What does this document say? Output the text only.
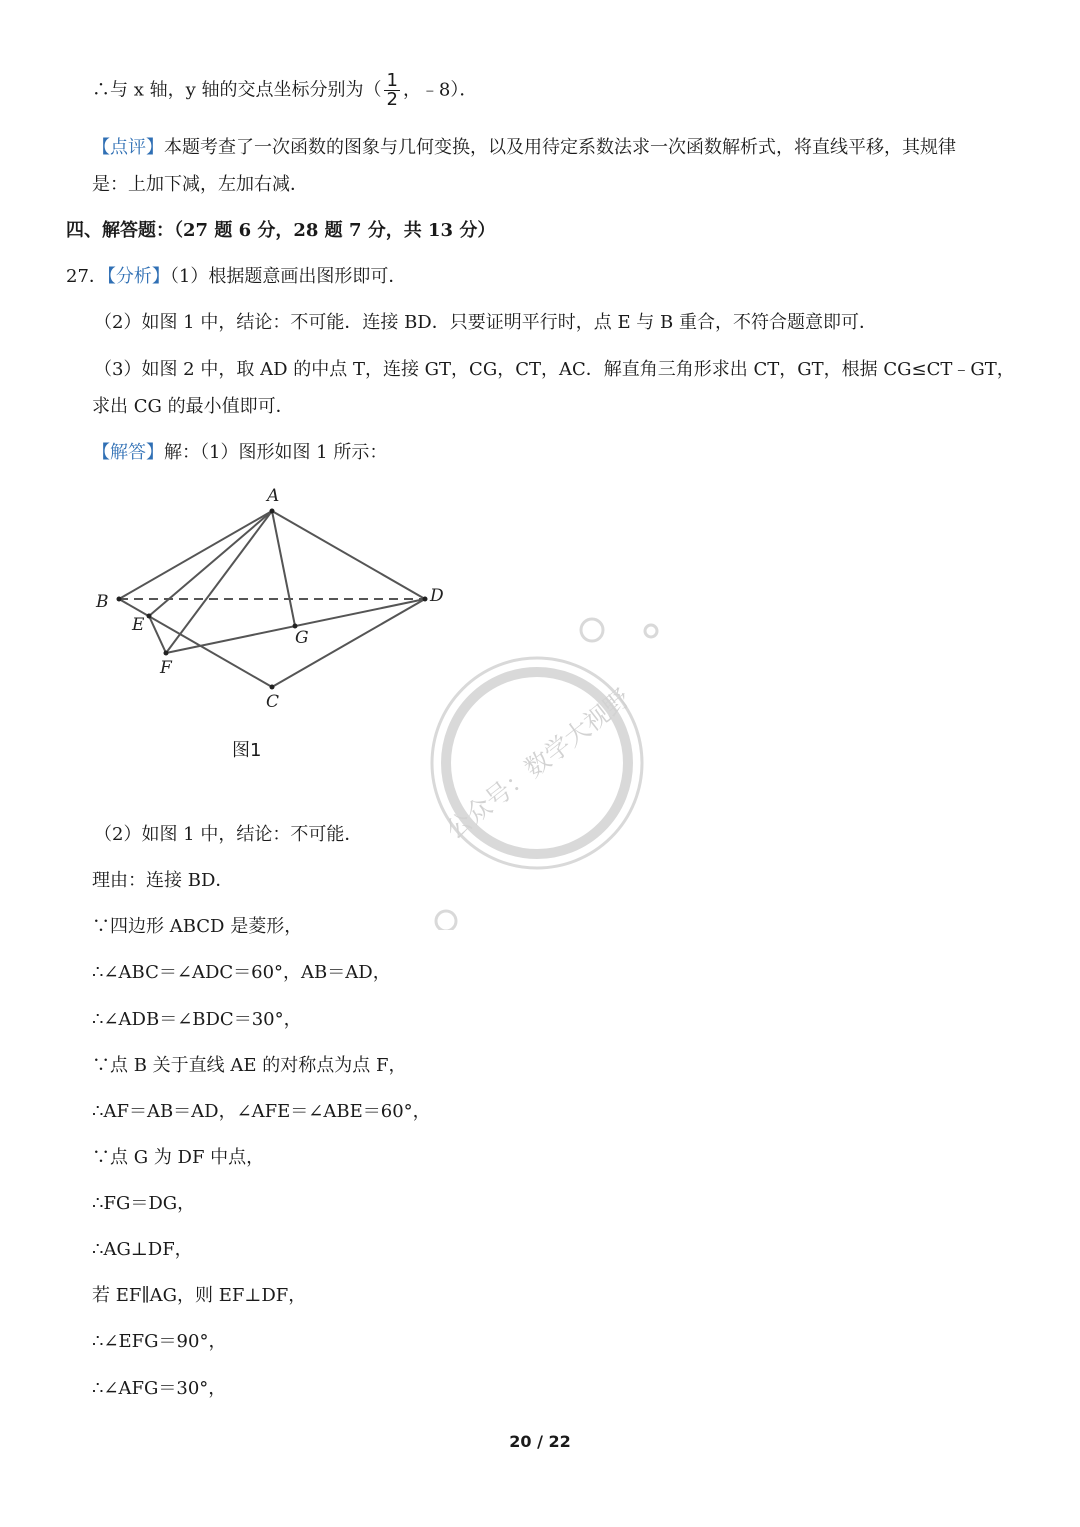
∴与 x 轴，y 轴的交点坐标分别为（ $\frac{1}{2}$ ，﹣8）．
【点评】本题考查了一次函数的图象与几何变换，以及用待定系数法求一次函数解析式，将直线平移，其规律
是：上加下减，左加右减．
四、解答题：（27 题 6 分，28 题 7 分，共 13 分）
27．【分析】（1）根据题意画出图形即可．
（2）如图 1 中，结论：不可能．连接 BD．只要证明平行时，点 E 与 B 重合，不符合题意即可．
（3）如图 2 中，取 AD 的中点 T，连接 GT，CG，CT，AC．解直角三角形求出 CT，GT，根据 CG≤CT﹣GT，
求出 CG 的最小值即可．
【解答】解：（1）图形如图 1 所示：
A
B
C
D
E
F
G
图1	公众号：数学大视野
（2）如图 1 中，结论：不可能．
理由：连接 BD．
∵四边形 ABCD 是菱形，
∴∠ABC＝∠ADC＝60°，AB＝AD，
∴∠ADB＝∠BDC＝30°，
∵点 B 关于直线 AE 的对称点为点 F，
∴AF＝AB＝AD，∠AFE＝∠ABE＝60°，
∵点 G 为 DF 中点，
∴FG＝DG，
∴AG⊥DF，
若 EF∥AG，则 EF⊥DF，
∴∠EFG＝90°，
∴∠AFG＝30°，
20 / 22
